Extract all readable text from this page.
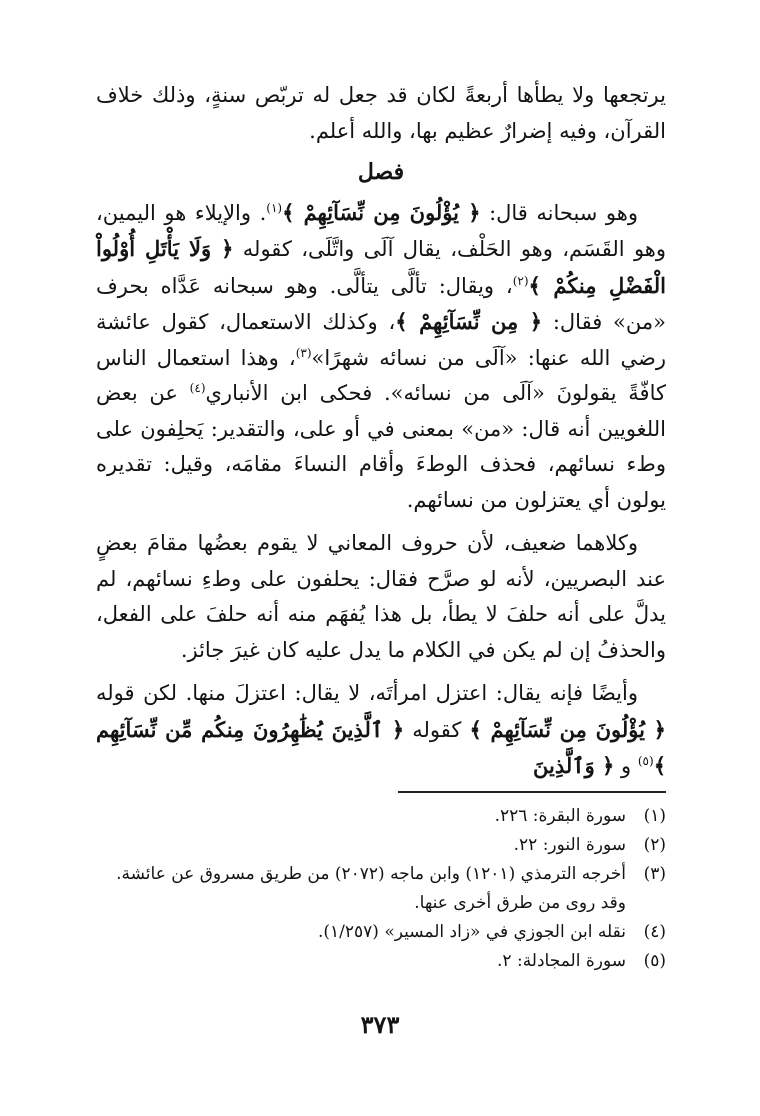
يرتجعها ولا يطأها أربعةً لكان قد جعل له تربّص سنةٍ، وذلك خلاف القرآن، وفيه إضرارٌ عظيم بها، والله أعلم.

فصل

وهو سبحانه قال: ﴿ يُؤْلُونَ مِن نِّسَآئِهِمْ ﴾$^{(١)}$. والإيلاء هو اليمين، وهو القَسَم، وهو الحَلْف، يقال آلَى واتَّلَى، كقوله ﴿ وَلَا يَأْتَلِ أُوْلُواْ الْفَضْلِ مِنكُمْ ﴾$^{(٢)}$، ويقال: تألَّى يتألَّى. وهو سبحانه عَدَّاه بحرف «من» فقال: ﴿ مِن نِّسَآئِهِمْ ﴾، وكذلك الاستعمال، كقول عائشة رضي الله عنها: «آلَى من نسائه شهرًا»$^{(٣)}$، وهذا استعمال الناس كافّةً يقولونَ «آلَى من نسائه». فحكى ابن الأنباري$^{(٤)}$ عن بعض اللغويين أنه قال: «من» بمعنى في أو على، والتقدير: يَحلِفون على وطء نسائهم، فحذف الوطءَ وأقام النساءَ مقامَه، وقيل: تقديره يولون أي يعتزلون من نسائهم.

وكلاهما ضعيف، لأن حروف المعاني لا يقوم بعضُها مقامَ بعضٍ عند البصريين، لأنه لو صرَّح فقال: يحلفون على وطءِ نسائهم، لم يدلَّ على أنه حلفَ لا يطأ، بل هذا يُفهَم منه أنه حلفَ على الفعل، والحذفُ إن لم يكن في الكلام ما يدل عليه كان غيرَ جائز.

وأيضًا فإنه يقال: اعتزل امرأتَه، لا يقال: اعتزلَ منها. لكن قوله ﴿ يُؤْلُونَ مِن نِّسَآئِهِمْ ﴾ كقوله ﴿ ٱلَّذِينَ يُظَٰهِرُونَ مِنكُم مِّن نِّسَآئِهِم ﴾$^{(٥)}$ و ﴿ وَٱلَّذِينَ

(١)
سورة البقرة: ٢٢٦.
(٢)
سورة النور: ٢٢.
(٣)
أخرجه الترمذي (١٢٠١) وابن ماجه (٢٠٧٢) من طريق مسروق عن عائشة.
وقد روى من طرق أخرى عنها.
(٤)
نقله ابن الجوزي في «زاد المسير» (١/٢٥٧).
(٥)
سورة المجادلة: ٢.
٣٧٣
